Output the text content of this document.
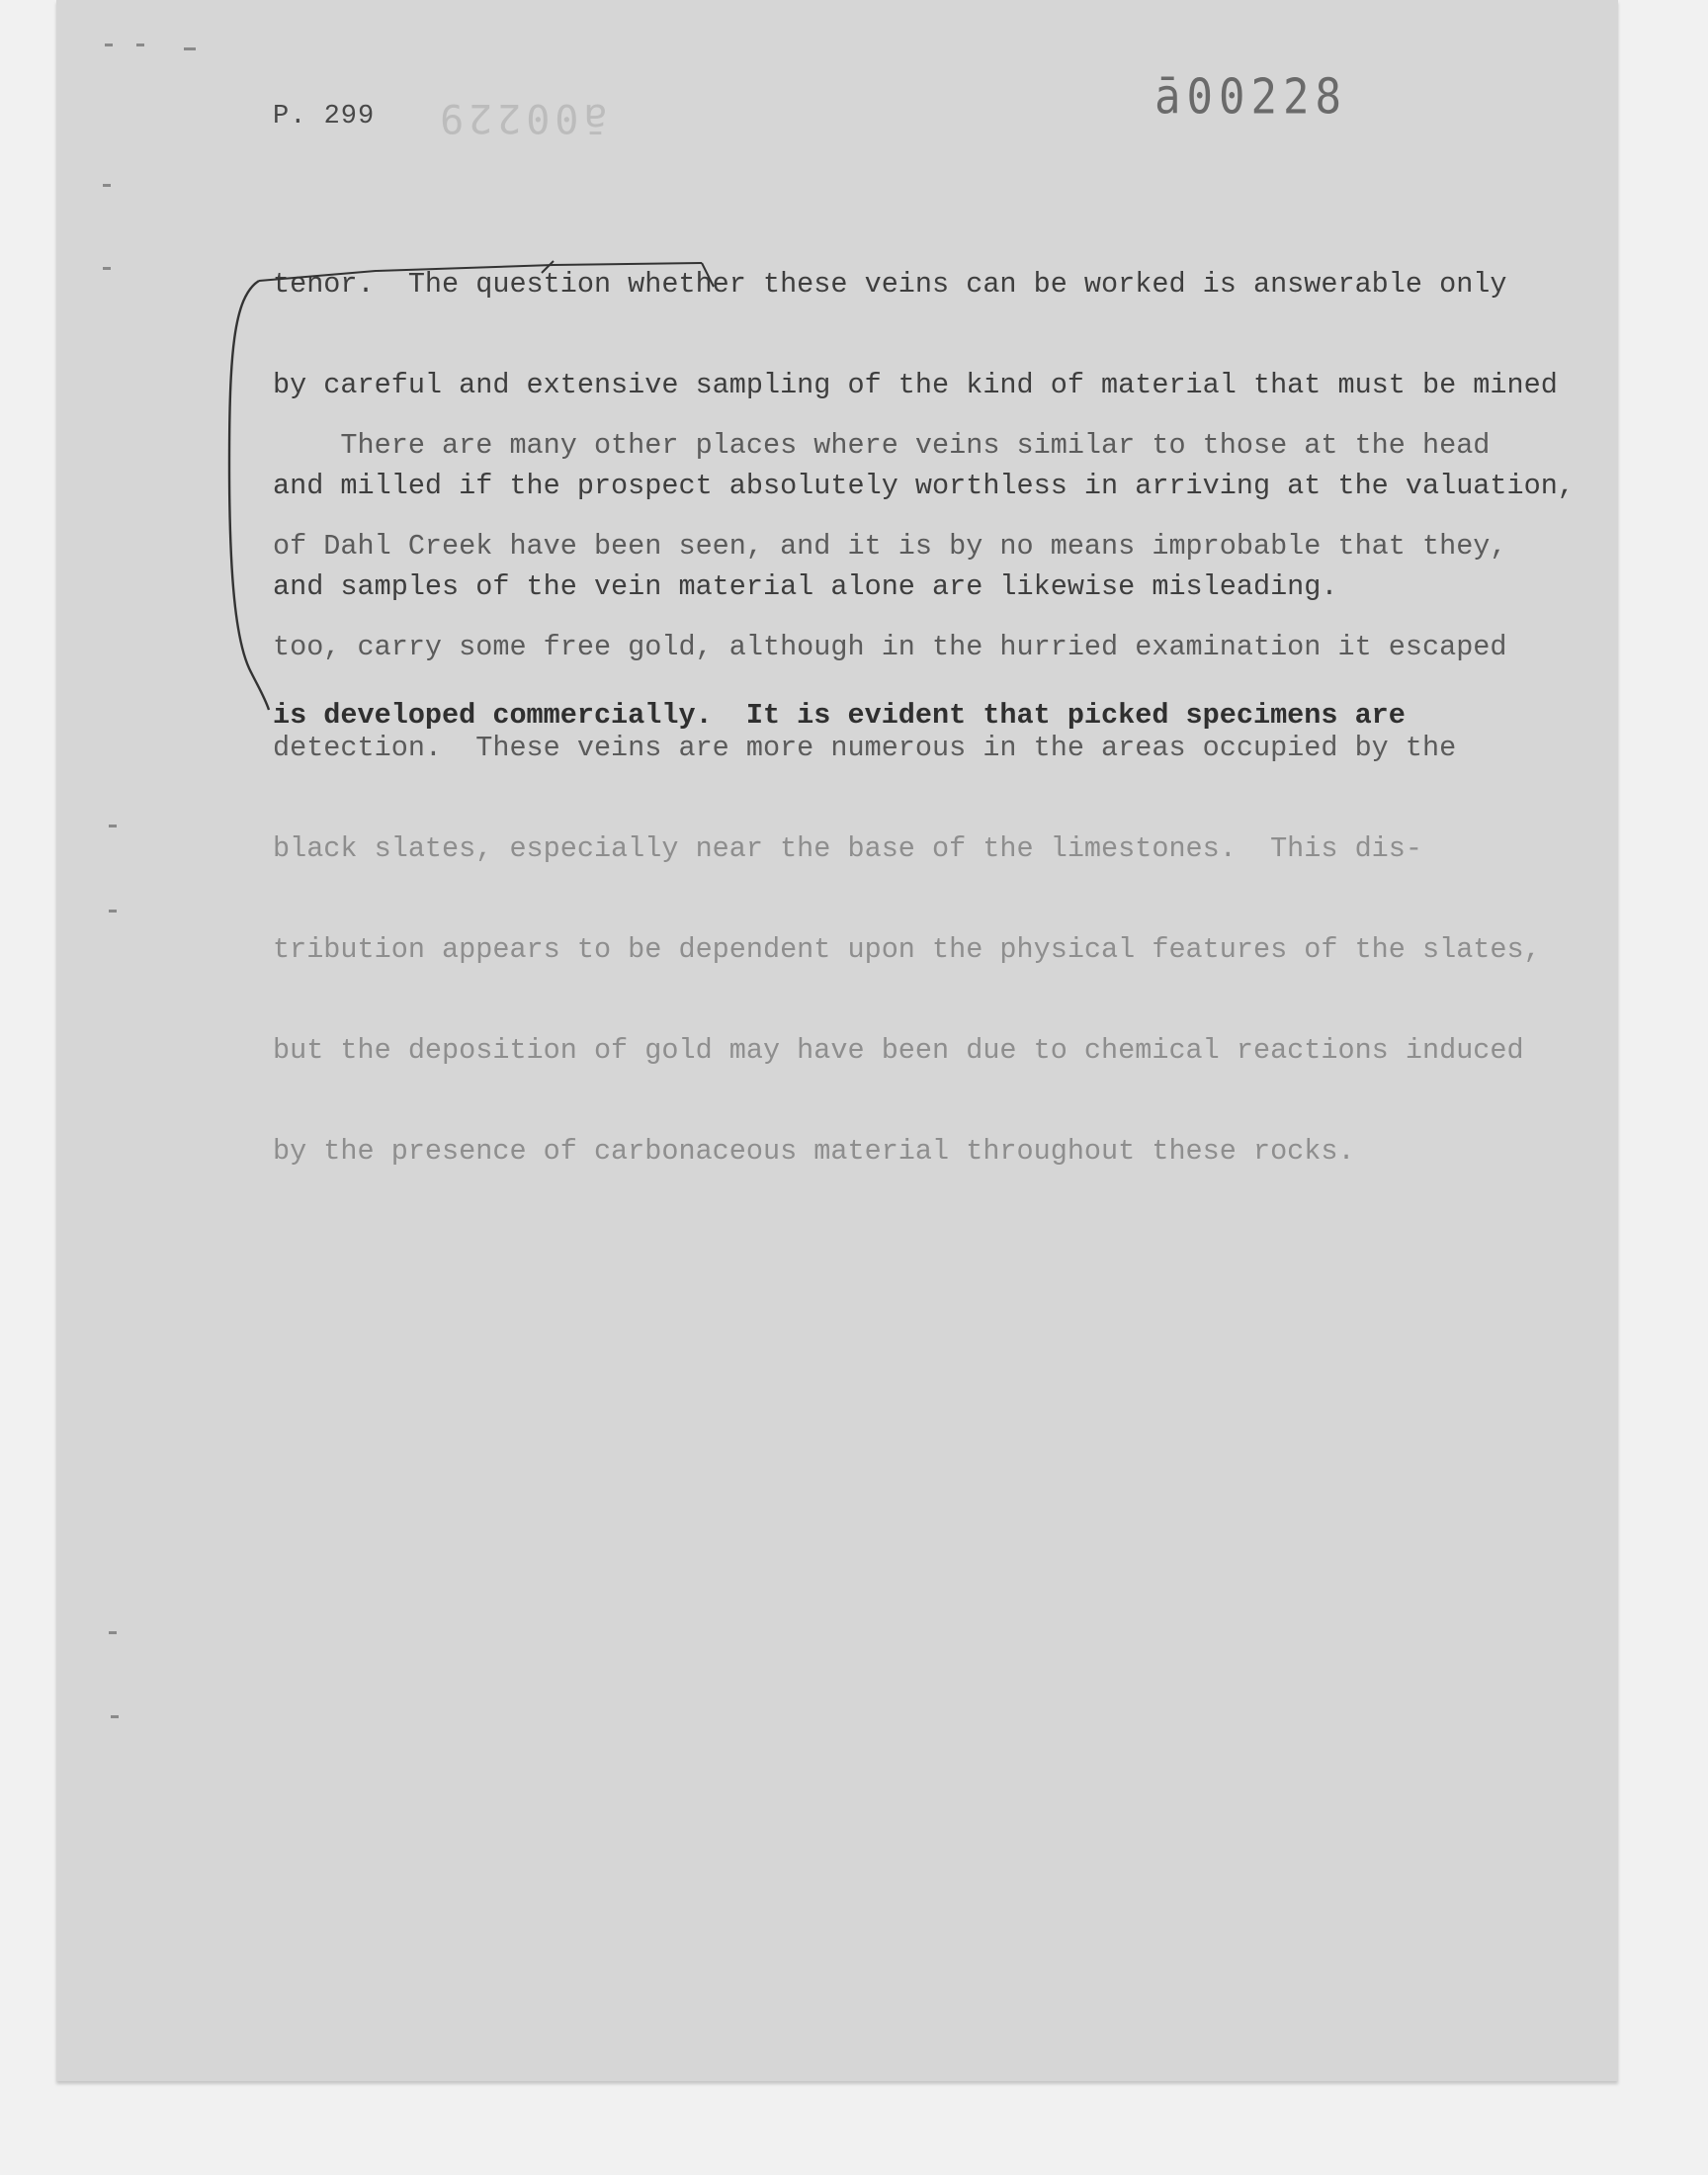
ā00229
P. 299	ā00228

tenor.  The question whether these veins can be worked is answerable only

by careful and extensive sampling of the kind of material that must be mined

and milled if the prospect absolutely worthless in arriving at the valuation,

and samples of the vein material alone are likewise misleading.

There are many other places where veins similar to those at the head

of Dahl Creek have been seen, and it is by no means improbable that they,

too, carry some free gold, although in the hurried examination it escaped

detection.  These veins are more numerous in the areas occupied by the

black slates, especially near the base of the limestones.  This dis-

tribution appears to be dependent upon the physical features of the slates,

but the deposition of gold may have been due to chemical reactions induced

by the presence of carbonaceous material throughout these rocks.

is developed commercially.  It is evident that picked specimens are
